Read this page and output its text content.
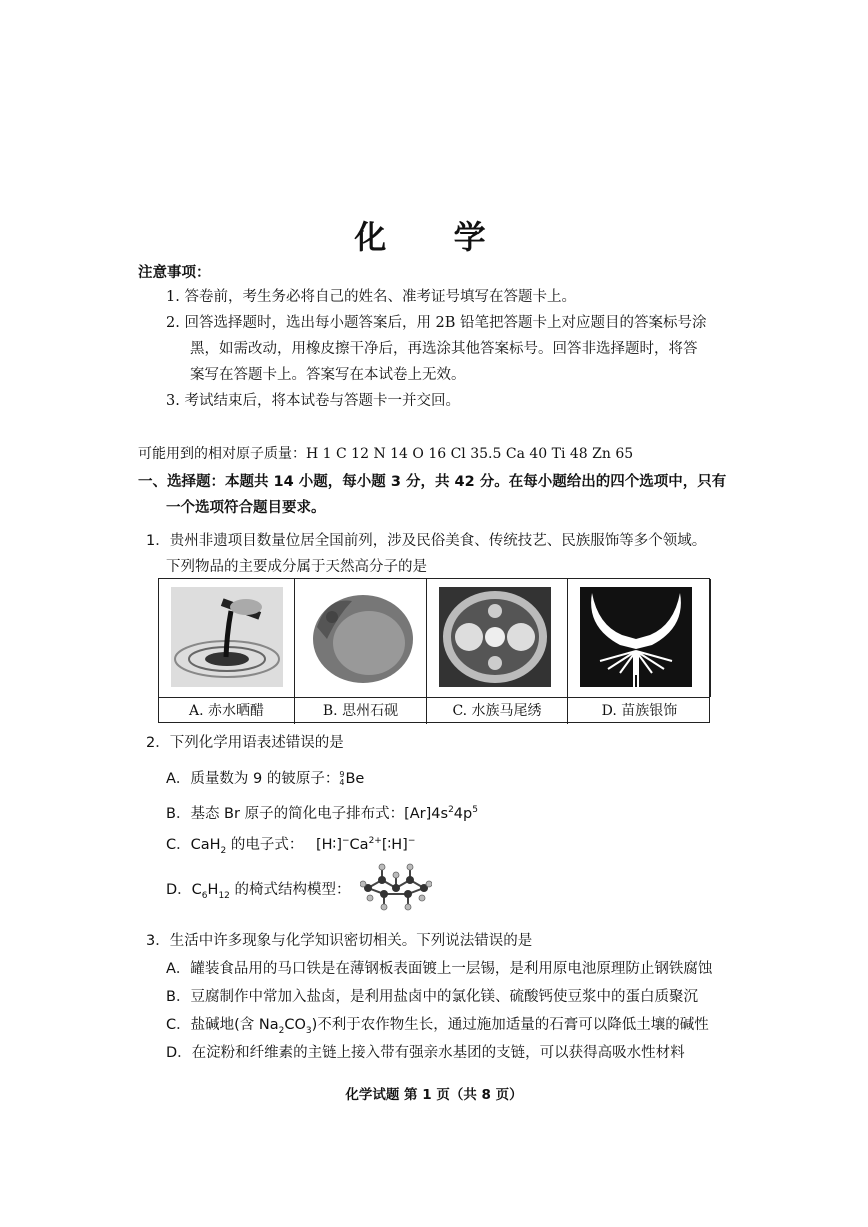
化 学
注意事项：
1. 答卷前，考生务必将自己的姓名、准考证号填写在答题卡上。
2. 回答选择题时，选出每小题答案后，用 2B 铅笔把答题卡上对应题目的答案标号涂
黑，如需改动，用橡皮擦干净后，再选涂其他答案标号。回答非选择题时，将答
案写在答题卡上。答案写在本试卷上无效。
3. 考试结束后，将本试卷与答题卡一并交回。
可能用到的相对原子质量：H 1 C 12 N 14 O 16 Cl 35.5 Ca 40 Ti 48 Zn 65
一、选择题：本题共 14 小题，每小题 3 分，共 42 分。在每小题给出的四个选项中，只有
一个选项符合题目要求。
1．贵州非遗项目数量位居全国前列，涉及民俗美食、传统技艺、民族服饰等多个领域。
下列物品的主要成分属于天然高分子的是
A. 赤水晒醋	B. 思州石砚	C. 水族马尾绣	D. 苗族银饰
2．下列化学用语表述错误的是
A．质量数为 9 的铍原子： 9
4 Be
B．基态 Br 原子的简化电子排布式：$[Ar]4s^24p^5$
C．CaH$_2$ 的电子式： $[H∶]^-Ca^{2+}[∶H]^-$
D．$C_6H_{12}$ 的椅式结构模型：
3．生活中许多现象与化学知识密切相关。下列说法错误的是
A．罐装食品用的马口铁是在薄钢板表面镀上一层锡，是利用原电池原理防止钢铁腐蚀
B．豆腐制作中常加入盐卤，是利用盐卤中的氯化镁、硫酸钙使豆浆中的蛋白质聚沉
C．盐碱地(含 $Na_2CO_3$)不利于农作物生长，通过施加适量的石膏可以降低土壤的碱性
D．在淀粉和纤维素的主链上接入带有强亲水基团的支链，可以获得高吸水性材料
化学试题 第 1 页（共 8 页）
